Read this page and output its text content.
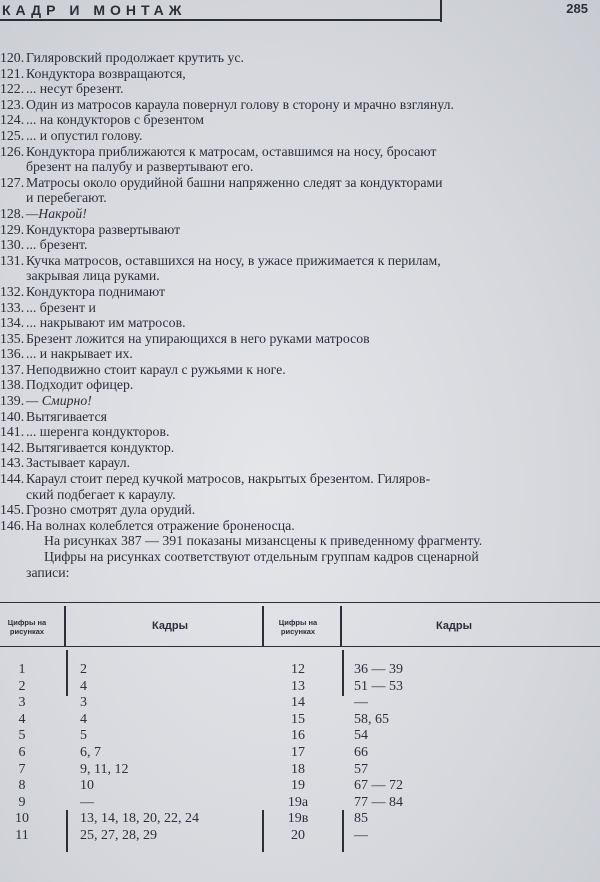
КАДР И МОНТАЖ	285
120. Гиляровский продолжает крутить ус.
121. Кондуктора возвращаются,
122. ... несут брезент.
123. Один из матросов караула повернул голову в сторону и мрачно взглянул.
124. ... на кондукторов с брезентом
125. ... и опустил голову.
126. Кондуктора приближаются к матросам, оставшимся на носу, бросают
брезент на палубу и развертывают его.
127. Матросы около орудийной башни напряженно следят за кондукторами
и перебегают.
128. —Накрой!
129. Кондуктора развертывают
130. ... брезент.
131. Кучка матросов, оставшихся на носу, в ужасе прижимается к перилам,
закрывая лица руками.
132. Кондуктора поднимают
133. ... брезент и
134. ... накрывают им матросов.
135. Брезент ложится на упирающихся в него руками матросов
136. ... и накрывает их.
137. Неподвижно стоит караул с ружьями к ноге.
138. Подходит офицер.
139. — Смирно!
140. Вытягивается
141. ... шеренга кондукторов.
142. Вытягивается кондуктор.
143. Застывает караул.
144. Караул стоит перед кучкой матросов, накрытых брезентом. Гиляров-
ский подбегает к караулу.
145. Грозно смотрят дула орудий.
146. На волнах колеблется отражение броненосца.
На рисунках 387 — 391 показаны мизансцены к приведенному фрагменту.
Цифры на рисунках соответствуют отдельным группам кадров сценарной
записи:
Цифры на рисунках	Кадры	Цифры на рисунках	Кадры
1	2
2	4
3	3
4	4
5	5
6	6, 7
7	9, 11, 12
8	10
9	—
10	13, 14, 18, 20, 22, 24
11	25, 27, 28, 29
12	36 — 39
13	51 — 53
14	—
15	58, 65
16	54
17	66
18	57
19	67 — 72
19a	77 — 84
19в	85
20	—
